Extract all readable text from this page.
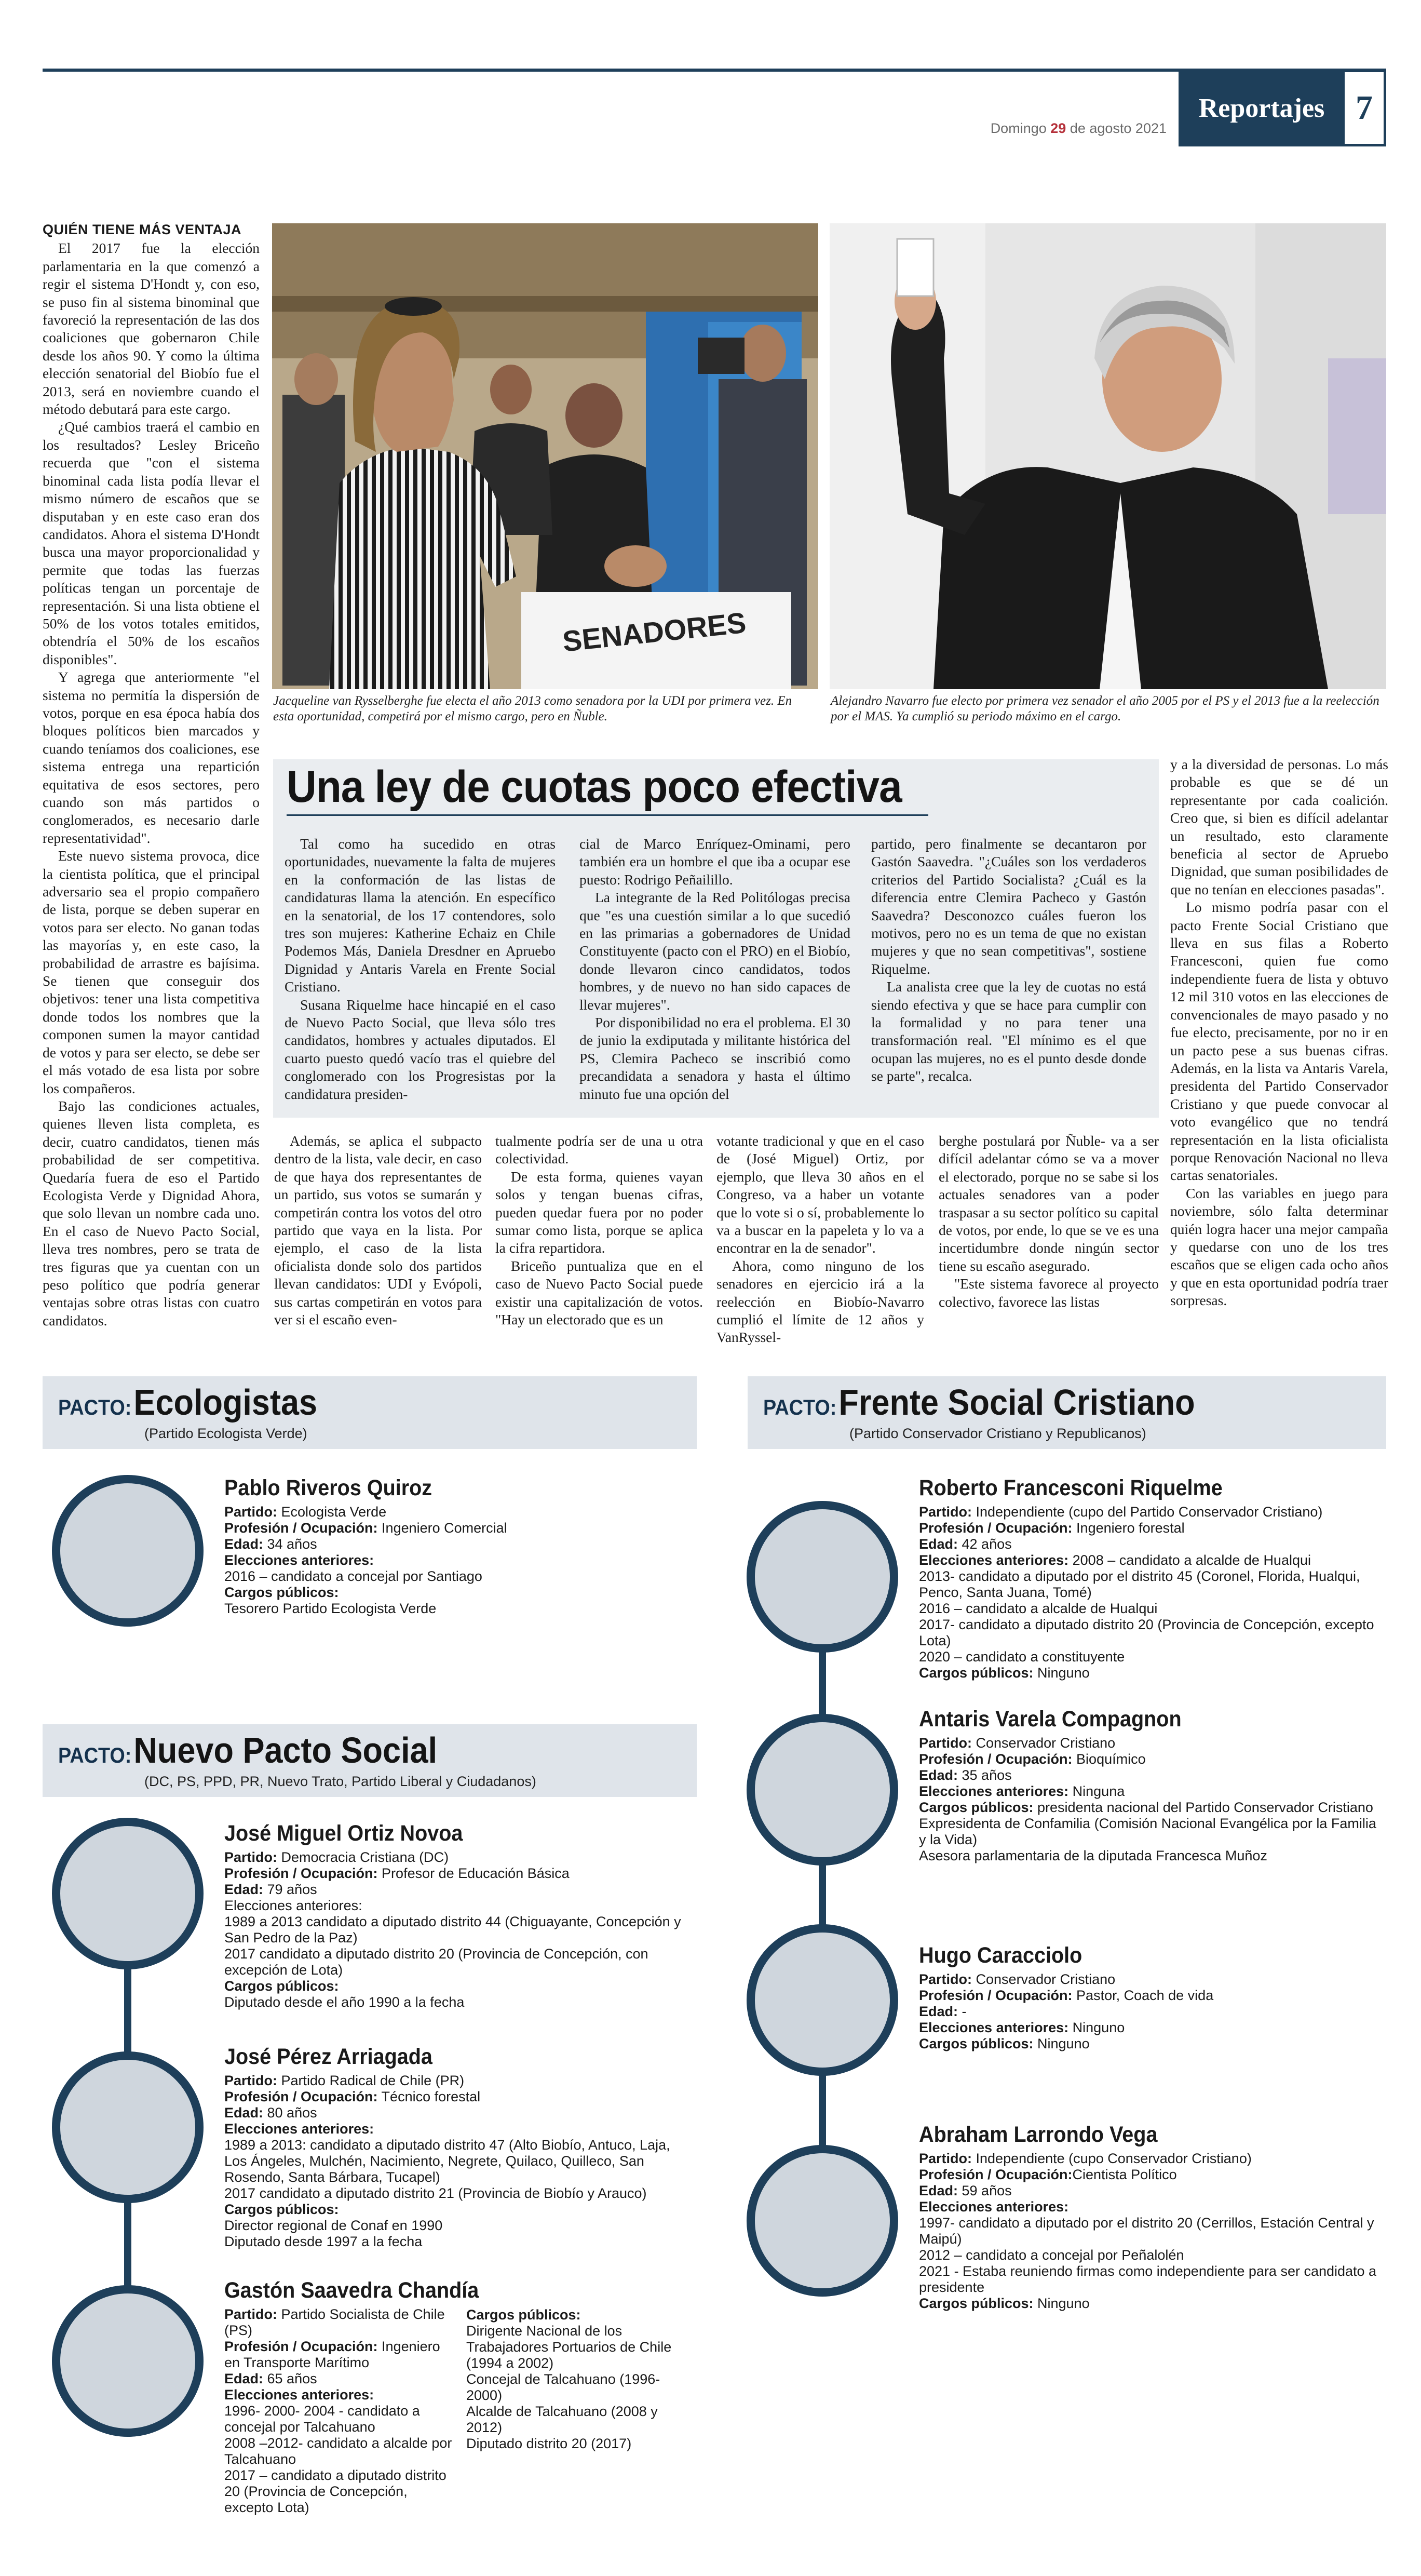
Domingo 29 de agosto 2021
Reportajes 7
QUIÉN TIENE MÁS VENTAJA

El 2017 fue la elección parlamentaria en la que comenzó a regir el sistema D'Hondt y, con eso, se puso fin al sistema binominal que favoreció la representación de las dos coaliciones que gobernaron Chile desde los años 90. Y como la última elección senatorial del Biobío fue el 2013, será en noviembre cuando el método debutará para este cargo.

¿Qué cambios traerá el cambio en los resultados? Lesley Briceño recuerda que "con el sistema binominal cada lista podía llevar el mismo número de escaños que se disputaban y en este caso eran dos candidatos. Ahora el sistema D'Hondt busca una mayor proporcionalidad y permite que todas las fuerzas políticas tengan un porcentaje de representación. Si una lista obtiene el 50% de los votos totales emitidos, obtendría el 50% de los escaños disponibles".

Y agrega que anteriormente "el sistema no permitía la dispersión de votos, porque en esa época había dos bloques políticos bien marcados y cuando teníamos dos coaliciones, ese sistema entrega una repartición equitativa de esos sectores, pero cuando son más partidos o conglomerados, es necesario darle representatividad".

Este nuevo sistema provoca, dice la cientista política, que el principal adversario sea el propio compañero de lista, porque se deben superar en votos para ser electo. No ganan todas las mayorías y, en este caso, la probabilidad de arrastre es bajísima. Se tienen que conseguir dos objetivos: tener una lista competitiva donde todos los nombres que la componen sumen la mayor cantidad de votos y para ser electo, se debe ser el más votado de esa lista por sobre los compañeros.

Bajo las condiciones actuales, quienes lleven lista completa, es decir, cuatro candidatos, tienen más probabilidad de ser competitiva. Quedaría fuera de eso el Partido Ecologista Verde y Dignidad Ahora, que solo llevan un nombre cada uno. En el caso de Nuevo Pacto Social, lleva tres nombres, pero se trata de tres figuras que ya cuentan con un peso político que podría generar ventajas sobre otras listas con cuatro candidatos.

SENADORES
Jacqueline van Rysselberghe fue electa el año 2013 como senadora por la UDI por primera vez. En esta oportunidad, competirá por el mismo cargo, pero en Ñuble.
Alejandro Navarro fue electo por primera vez senador el año 2005 por el PS y el 2013 fue a la reelección por el MAS. Ya cumplió su periodo máximo en el cargo.
Una ley de cuotas poco efectiva

Tal como ha sucedido en otras oportunidades, nuevamente la falta de mujeres en la conformación de las listas de candidaturas llama la atención. En específico en la senatorial, de los 17 contendores, solo tres son mujeres: Katherine Echaiz en Chile Podemos Más, Daniela Dresdner en Apruebo Dignidad y Antaris Varela en Frente Social Cristiano.

Susana Riquelme hace hincapié en el caso de Nuevo Pacto Social, que lleva sólo tres candidatos, hombres y actuales diputados. El cuarto puesto quedó vacío tras el quiebre del conglomerado con los Progresistas por la candidatura presiden-

cial de Marco Enríquez-Ominami, pero también era un hombre el que iba a ocupar ese puesto: Rodrigo Peñailillo.

La integrante de la Red Politólogas precisa que "es una cuestión similar a lo que sucedió en las primarias a gobernadores de Unidad Constituyente (pacto con el PRO) en el Biobío, donde llevaron cinco candidatos, todos hombres, y de nuevo no han sido capaces de llevar mujeres".

Por disponibilidad no era el problema. El 30 de junio la exdiputada y militante histórica del PS, Clemira Pacheco se inscribió como precandidata a senadora y hasta el último minuto fue una opción del

partido, pero finalmente se decantaron por Gastón Saavedra. "¿Cuáles son los verdaderos criterios del Partido Socialista? ¿Cuál es la diferencia entre Clemira Pacheco y Gastón Saavedra? Desconozco cuáles fueron los motivos, pero no es un tema de que no existan mujeres y que no sean competitivas", sostiene Riquelme.

La analista cree que la ley de cuotas no está siendo efectiva y que se hace para cumplir con la formalidad y no para tener una transformación real. "El mínimo es el que ocupan las mujeres, no es el punto desde donde se parte", recalca.

y a la diversidad de personas. Lo más probable es que se dé un representante por cada coalición. Creo que, si bien es difícil adelantar un resultado, esto claramente beneficia al sector de Apruebo Dignidad, que suman posibilidades de que no tenían en elecciones pasadas".

Lo mismo podría pasar con el pacto Frente Social Cristiano que lleva en sus filas a Roberto Francesconi, quien fue como independiente fuera de lista y obtuvo 12 mil 310 votos en las elecciones de convencionales de mayo pasado y no fue electo, precisamente, por no ir en un pacto pese a sus buenas cifras. Además, en la lista va Antaris Varela, presidenta del Partido Conservador Cristiano y que puede convocar al voto evangélico que no tendrá representación en la lista oficialista porque Renovación Nacional no lleva cartas senatoriales.

Con las variables en juego para noviembre, sólo falta determinar quién logra hacer una mejor campaña y quedarse con uno de los tres escaños que se eligen cada ocho años y que en esta oportunidad podría traer sorpresas.

Además, se aplica el subpacto dentro de la lista, vale decir, en caso de que haya dos representantes de un partido, sus votos se sumarán y competirán contra los votos del otro partido que vaya en la lista. Por ejemplo, el caso de la lista oficialista donde solo dos partidos llevan candidatos: UDI y Evópoli, sus cartas competirán en votos para ver si el escaño even-

tualmente podría ser de una u otra colectividad.

De esta forma, quienes vayan solos y tengan buenas cifras, pueden quedar fuera por no poder sumar como lista, porque se aplica la cifra repartidora.

Briceño puntualiza que en el caso de Nuevo Pacto Social puede existir una capitalización de votos. "Hay un electorado que es un

votante tradicional y que en el caso de (José Miguel) Ortiz, por ejemplo, que lleva 30 años en el Congreso, va a haber un votante que lo vote si o sí, probablemente lo va a buscar en la papeleta y lo va a encontrar en la de senador".

Ahora, como ninguno de los senadores en ejercicio irá a la reelección en Biobío-Navarro cumplió el límite de 12 años y VanRyssel-

berghe postulará por Ñuble- va a ser difícil adelantar cómo se va a mover el electorado, porque no se sabe si los actuales senadores van a poder traspasar a su sector político su capital de votos, por ende, lo que se ve es una incertidumbre donde ningún sector tiene su escaño asegurado.

"Este sistema favorece al proyecto colectivo, favorece las listas

PACTO: Ecologistas
(Partido Ecologista Verde)
Pablo Riveros Quiroz
Partido: Ecologista Verde
Profesión / Ocupación: Ingeniero Comercial
Edad: 34 años
Elecciones anteriores:
2016 – candidato a concejal por Santiago
Cargos públicos:
Tesorero Partido Ecologista Verde
PACTO: Nuevo Pacto Social
(DC, PS, PPD, PR, Nuevo Trato, Partido Liberal y Ciudadanos)
José Miguel Ortiz Novoa
Partido: Democracia Cristiana (DC)
Profesión / Ocupación: Profesor de Educación Básica
Edad: 79 años
Elecciones anteriores:
1989 a 2013 candidato a diputado distrito 44 (Chiguayante, Concepción y San Pedro de la Paz)
2017 candidato a diputado distrito 20 (Provincia de Concepción, con excepción de Lota)
Cargos públicos:
Diputado desde el año 1990 a la fecha
José Pérez Arriagada
Partido: Partido Radical de Chile (PR)
Profesión / Ocupación: Técnico forestal
Edad: 80 años
Elecciones anteriores:
1989 a 2013: candidato a diputado distrito 47 (Alto Biobío, Antuco, Laja, Los Ángeles, Mulchén, Nacimiento, Negrete, Quilaco, Quilleco, San Rosendo, Santa Bárbara, Tucapel)
2017 candidato a diputado distrito 21 (Provincia de Biobío y Arauco)
Cargos públicos:
Director regional de Conaf en 1990
Diputado desde 1997 a la fecha
Gastón Saavedra Chandía
Partido: Partido Socialista de Chile (PS)
Profesión / Ocupación: Ingeniero en Transporte Marítimo
Edad: 65 años
Elecciones anteriores:
1996- 2000- 2004 - candidato a concejal por Talcahuano
2008 –2012- candidato a alcalde por Talcahuano
2017 – candidato a diputado distrito 20 (Provincia de Concepción, excepto Lota)
Cargos públicos:
Dirigente Nacional de los Trabajadores Portuarios de Chile (1994 a 2002)
Concejal de Talcahuano (1996-2000)
Alcalde de Talcahuano (2008 y 2012)
Diputado distrito 20 (2017)
PACTO: Frente Social Cristiano
(Partido Conservador Cristiano y Republicanos)
Roberto Francesconi Riquelme
Partido: Independiente (cupo del Partido Conservador Cristiano)
Profesión / Ocupación: Ingeniero forestal
Edad: 42 años
Elecciones anteriores: 2008 – candidato a alcalde de Hualqui
2013- candidato a diputado por el distrito 45 (Coronel, Florida, Hualqui, Penco, Santa Juana, Tomé)
2016 – candidato a alcalde de Hualqui
2017- candidato a diputado distrito 20 (Provincia de Concepción, excepto Lota)
2020 – candidato a constituyente
Cargos públicos: Ninguno
Antaris Varela Compagnon
Partido: Conservador Cristiano
Profesión / Ocupación: Bioquímico
Edad: 35 años
Elecciones anteriores: Ninguna
Cargos públicos: presidenta nacional del Partido Conservador Cristiano
Expresidenta de Confamilia (Comisión Nacional Evangélica por la Familia y la Vida)
Asesora parlamentaria de la diputada Francesca Muñoz
Hugo Caracciolo
Partido: Conservador Cristiano
Profesión / Ocupación: Pastor, Coach de vida
Edad: -
Elecciones anteriores: Ninguno
Cargos públicos: Ninguno
Abraham Larrondo Vega
Partido: Independiente (cupo Conservador Cristiano)
Profesión / Ocupación:Cientista Político
Edad: 59 años
Elecciones anteriores:
1997- candidato a diputado por el distrito 20 (Cerrillos, Estación Central y Maipú)
2012 – candidato a concejal por Peñalolén
2021 - Estaba reuniendo firmas como independiente para ser candidato a presidente
Cargos públicos: Ninguno
